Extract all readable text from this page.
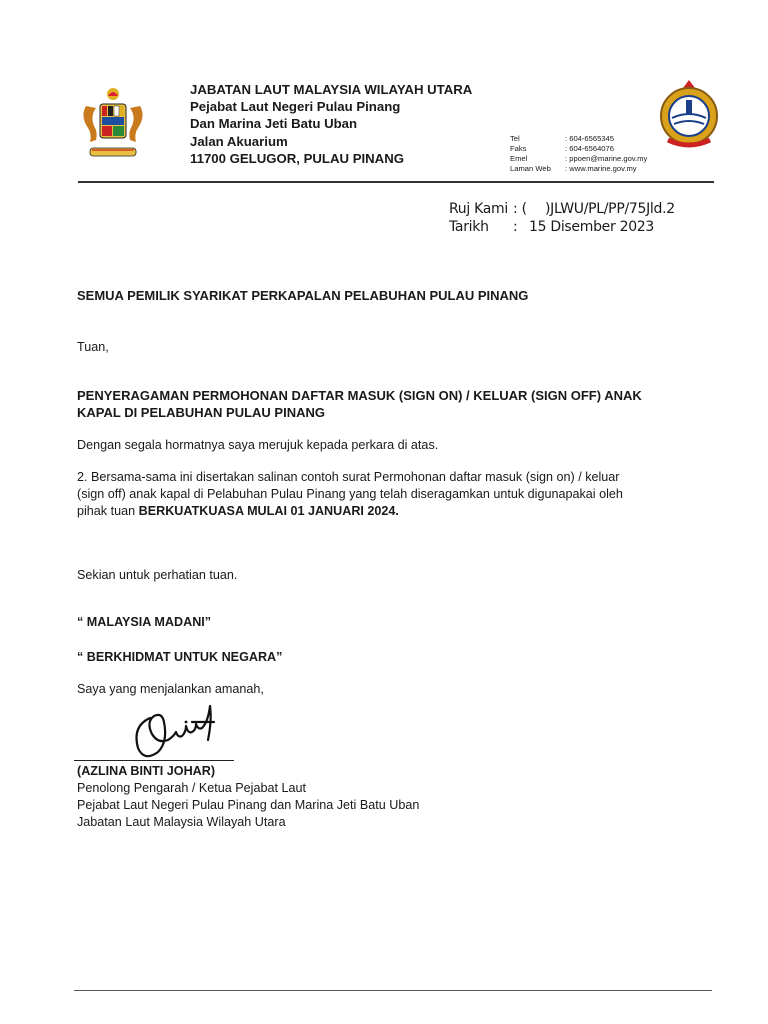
JABATAN LAUT MALAYSIA WILAYAH UTARA
Pejabat Laut Negeri Pulau Pinang
Dan Marina Jeti Batu Uban
Jalan Akuarium
11700 GELUGOR, PULAU PINANG
Tel	: 604-6565345
Faks	: 604-6564076
Emel	: ppoen@marine.gov.my
Laman Web	: www.marine.gov.my
Ruj Kami : (	)JLWU/PL/PP/75Jld.2
Tarikh	: 15 Disember 2023
SEMUA PEMILIK SYARIKAT PERKAPALAN PELABUHAN PULAU PINANG
Tuan,
PENYERAGAMAN PERMOHONAN DAFTAR MASUK (SIGN ON) / KELUAR (SIGN OFF) ANAK
KAPAL DI PELABUHAN PULAU PINANG
Dengan segala hormatnya saya merujuk kepada perkara di atas.
2. Bersama-sama ini disertakan salinan contoh surat Permohonan daftar masuk (sign on) / keluar
(sign off) anak kapal di Pelabuhan Pulau Pinang yang telah diseragamkan untuk digunapakai oleh
pihak tuan BERKUATKUASA MULAI 01 JANUARI 2024.
Sekian untuk perhatian tuan.
“ MALAYSIA MADANI”
“ BERKHIDMAT UNTUK NEGARA”
Saya yang menjalankan amanah,
(AZLINA BINTI JOHAR)
Penolong Pengarah / Ketua Pejabat Laut
Pejabat Laut Negeri Pulau Pinang dan Marina Jeti Batu Uban
Jabatan Laut Malaysia Wilayah Utara
